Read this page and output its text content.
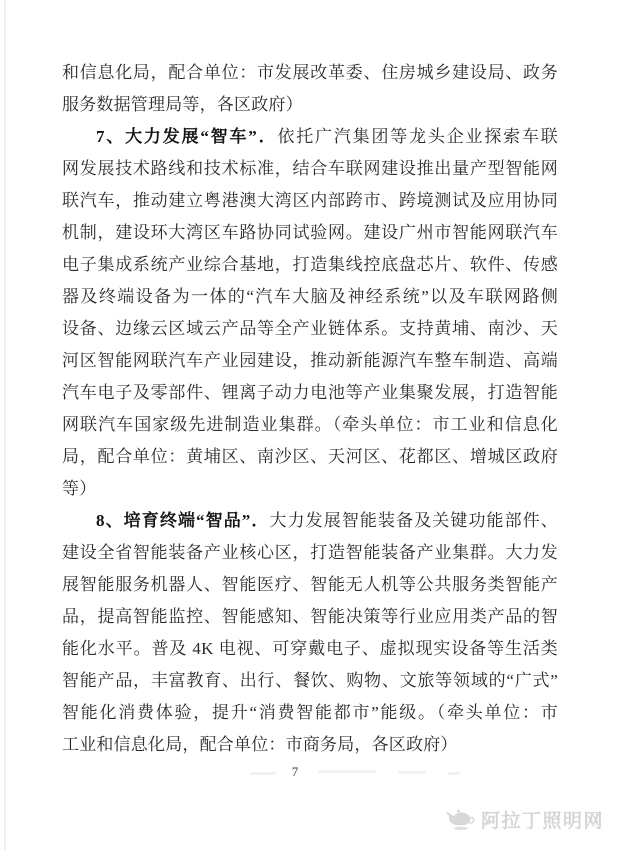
和信息化局，配合单位：市发展改革委、住房城乡建设局、政务
服务数据管理局等，各区政府）
7、大力发展“智车”．依托广汽集团等龙头企业探索车联
网发展技术路线和技术标准，结合车联网建设推出量产型智能网
联汽车，推动建立粤港澳大湾区内部跨市、跨境测试及应用协同
机制，建设环大湾区车路协同试验网。建设广州市智能网联汽车
电子集成系统产业综合基地，打造集线控底盘芯片、软件、传感
器及终端设备为一体的“汽车大脑及神经系统”以及车联网路侧
设备、边缘云区域云产品等全产业链体系。支持黄埔、南沙、天
河区智能网联汽车产业园建设，推动新能源汽车整车制造、高端
汽车电子及零部件、锂离子动力电池等产业集聚发展，打造智能
网联汽车国家级先进制造业集群。（牵头单位：市工业和信息化
局，配合单位：黄埔区、南沙区、天河区、花都区、增城区政府
等）
8、培育终端“智品”．大力发展智能装备及关键功能部件、
建设全省智能装备产业核心区，打造智能装备产业集群。大力发
展智能服务机器人、智能医疗、智能无人机等公共服务类智能产
品，提高智能监控、智能感知、智能决策等行业应用类产品的智
能化水平。普及 4K 电视、可穿戴电子、虚拟现实设备等生活类
智能产品，丰富教育、出行、餐饮、购物、文旅等领域的“广式”
智能化消费体验，提升“消费智能都市”能级。（牵头单位：市
工业和信息化局，配合单位：市商务局，各区政府）
7
阿拉丁照明网
